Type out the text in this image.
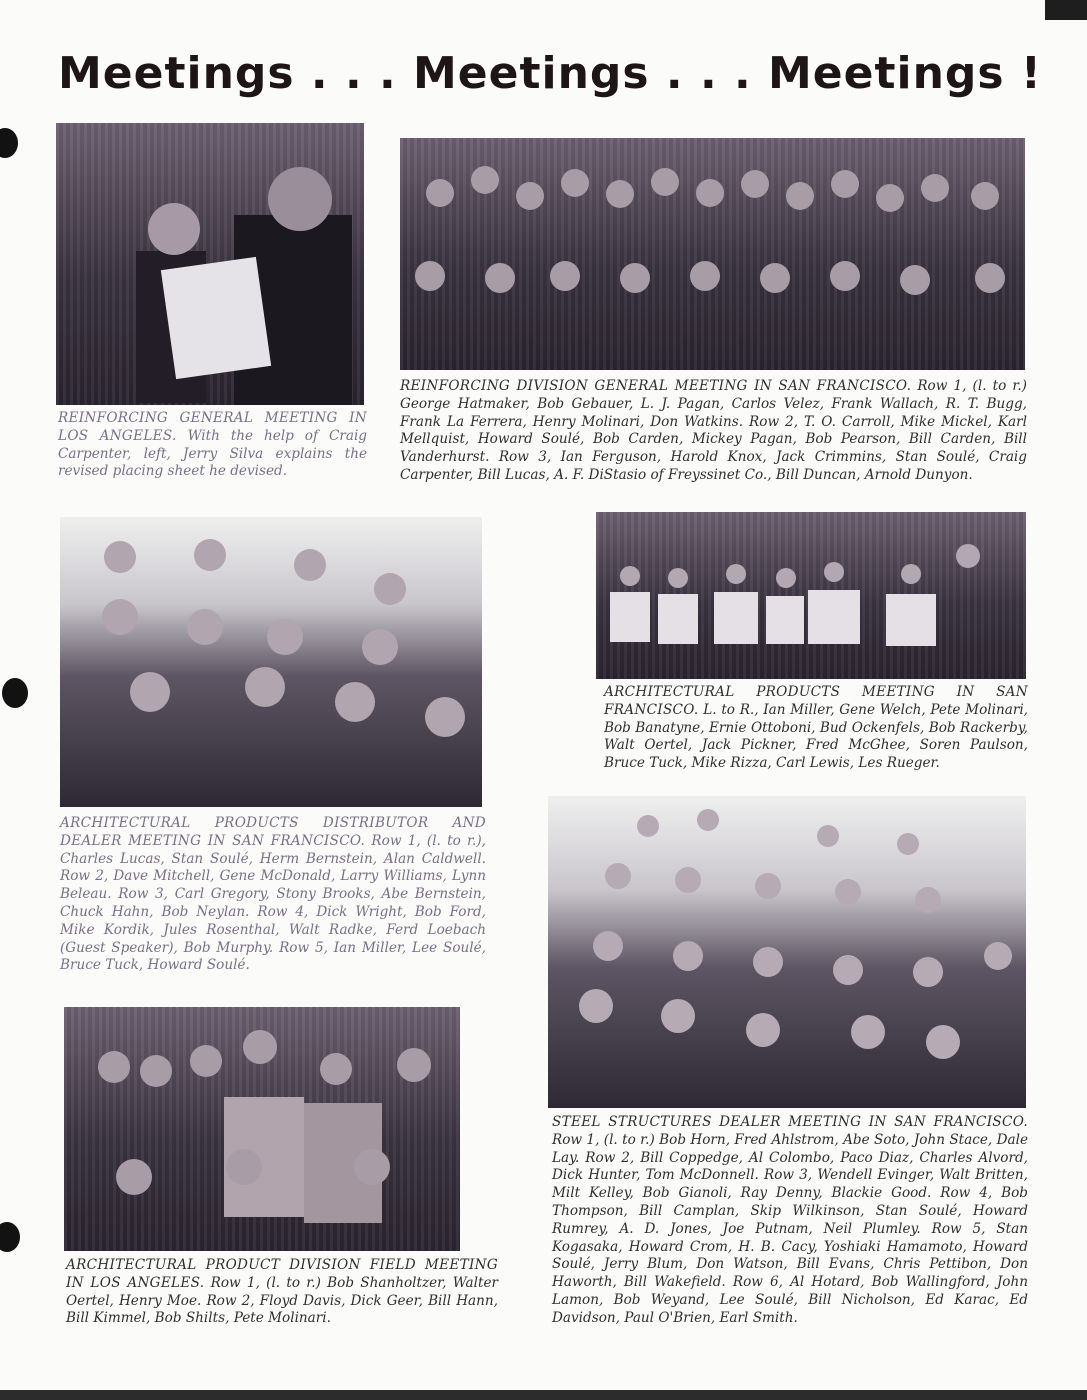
Meetings . . . Meetings . . . Meetings !

REINFORCING GENERAL MEETING IN LOS ANGELES. With the help of Craig Carpenter, left, Jerry Silva explains the revised placing sheet he devised.

REINFORCING DIVISION GENERAL MEETING IN SAN FRANCISCO. Row 1, (l. to r.) George Hatmaker, Bob Gebauer, L. J. Pagan, Carlos Velez, Frank Wallach, R. T. Bugg, Frank La Ferrera, Henry Molinari, Don Watkins. Row 2, T. O. Carroll, Mike Mickel, Karl Mellquist, Howard Soulé, Bob Carden, Mickey Pagan, Bob Pearson, Bill Carden, Bill Vanderhurst. Row 3, Ian Ferguson, Harold Knox, Jack Crimmins, Stan Soulé, Craig Carpenter, Bill Lucas, A. F. DiStasio of Freyssinet Co., Bill Duncan, Arnold Dunyon.

ARCHITECTURAL PRODUCTS DISTRIBUTOR AND DEALER MEETING IN SAN FRANCISCO. Row 1, (l. to r.), Charles Lucas, Stan Soulé, Herm Bernstein, Alan Caldwell. Row 2, Dave Mitchell, Gene McDonald, Larry Williams, Lynn Beleau. Row 3, Carl Gregory, Stony Brooks, Abe Bernstein, Chuck Hahn, Bob Neylan. Row 4, Dick Wright, Bob Ford, Mike Kordik, Jules Rosenthal, Walt Radke, Ferd Loebach (Guest Speaker), Bob Murphy. Row 5, Ian Miller, Lee Soulé, Bruce Tuck, Howard Soulé.

ARCHITECTURAL PRODUCTS MEETING IN SAN FRANCISCO. L. to R., Ian Miller, Gene Welch, Pete Molinari, Bob Banatyne, Ernie Ottoboni, Bud Ockenfels, Bob Rackerby, Walt Oertel, Jack Pickner, Fred McGhee, Soren Paulson, Bruce Tuck, Mike Rizza, Carl Lewis, Les Rueger.

STEEL STRUCTURES DEALER MEETING IN SAN FRANCISCO. Row 1, (l. to r.) Bob Horn, Fred Ahlstrom, Abe Soto, John Stace, Dale Lay. Row 2, Bill Coppedge, Al Colombo, Paco Diaz, Charles Alvord, Dick Hunter, Tom McDonnell. Row 3, Wendell Evinger, Walt Britten, Milt Kelley, Bob Gianoli, Ray Denny, Blackie Good. Row 4, Bob Thompson, Bill Camplan, Skip Wilkinson, Stan Soulé, Howard Rumrey, A. D. Jones, Joe Putnam, Neil Plumley. Row 5, Stan Kogasaka, Howard Crom, H. B. Cacy, Yoshiaki Hamamoto, Howard Soulé, Jerry Blum, Don Watson, Bill Evans, Chris Pettibon, Don Haworth, Bill Wakefield. Row 6, Al Hotard, Bob Wallingford, John Lamon, Bob Weyand, Lee Soulé, Bill Nicholson, Ed Karac, Ed Davidson, Paul O'Brien, Earl Smith.

ARCHITECTURAL PRODUCT DIVISION FIELD MEETING IN LOS ANGELES. Row 1, (l. to r.) Bob Shanholtzer, Walter Oertel, Henry Moe. Row 2, Floyd Davis, Dick Geer, Bill Hann, Bill Kimmel, Bob Shilts, Pete Molinari.
